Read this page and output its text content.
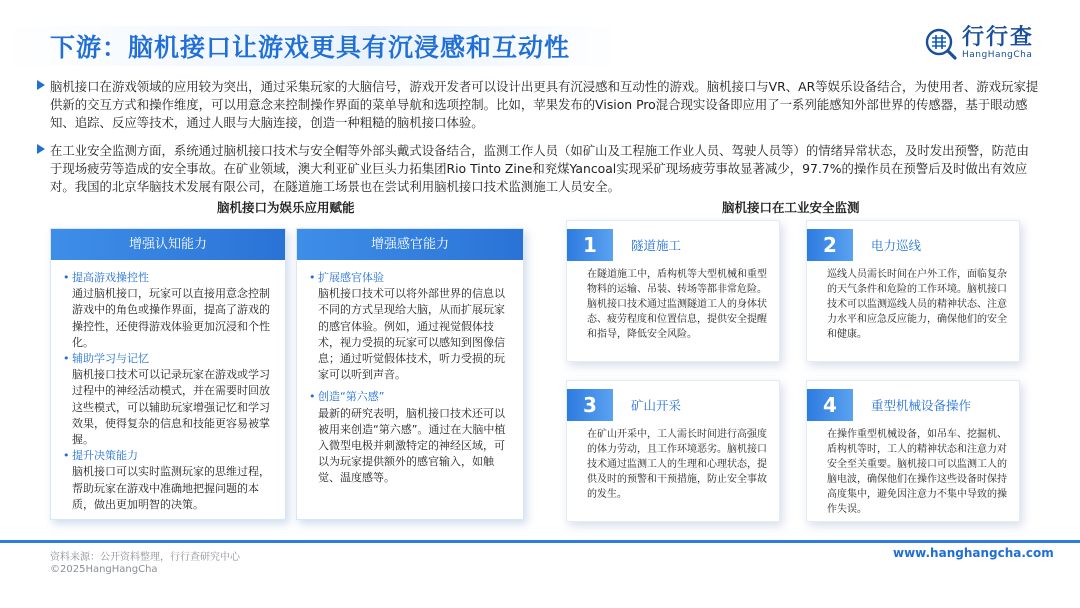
下游：脑机接口让游戏更具有沉浸感和互动性	行行查
HangHangCha
脑机接口在游戏领域的应用较为突出，通过采集玩家的大脑信号，游戏开发者可以设计出更具有沉浸感和互动性的游戏。脑机接口与VR、AR等娱乐设备结合，为使用者、游戏玩家提供新的交互方式和操作维度，可以用意念来控制操作界面的菜单导航和选项控制。比如，苹果发布的Vision Pro混合现实设备即应用了一系列能感知外部世界的传感器，基于眼动感知、追踪、反应等技术，通过人眼与大脑连接，创造一种粗糙的脑机接口体验。
在工业安全监测方面，系统通过脑机接口技术与安全帽等外部头戴式设备结合，监测工作人员（如矿山及工程施工作业人员、驾驶人员等）的情绪异常状态，及时发出预警，防范由于现场疲劳等造成的安全事故。在矿业领域，澳大利亚矿业巨头力拓集团Rio Tinto Zine和兖煤Yancoal实现采矿现场疲劳事故显著减少，97.7%的操作员在预警后及时做出有效应对。我国的北京华脑技术发展有限公司，在隧道施工场景也在尝试利用脑机接口技术监测施工人员安全。
脑机接口为娱乐应用赋能	脑机接口在工业安全监测
增强认知能力
• 提高游戏操控性
通过脑机接口，玩家可以直接用意念控制游戏中的角色或操作界面，提高了游戏的操控性，还使得游戏体验更加沉浸和个性化。
• 辅助学习与记忆
脑机接口技术可以记录玩家在游戏或学习过程中的神经活动模式，并在需要时回放这些模式，可以辅助玩家增强记忆和学习效果，使得复杂的信息和技能更容易被掌握。
• 提升决策能力
脑机接口可以实时监测玩家的思维过程，帮助玩家在游戏中准确地把握问题的本质，做出更加明智的决策。
增强感官能力
• 扩展感官体验
脑机接口技术可以将外部世界的信息以不同的方式呈现给大脑，从而扩展玩家的感官体验。例如，通过视觉假体技术，视力受损的玩家可以感知到图像信息；通过听觉假体技术，听力受损的玩家可以听到声音。
• 创造“第六感”
最新的研究表明，脑机接口技术还可以被用来创造“第六感”。通过在大脑中植入微型电极并刺激特定的神经区域，可以为玩家提供额外的感官输入，如触觉、温度感等。
1	隧道施工
在隧道施工中，盾构机等大型机械和重型物料的运输、吊装、转场等都非常危险。脑机接口技术通过监测隧道工人的身体状态、疲劳程度和位置信息，提供安全提醒和指导，降低安全风险。
2	电力巡线
巡线人员需长时间在户外工作，面临复杂的天气条件和危险的工作环境。脑机接口技术可以监测巡线人员的精神状态、注意力水平和应急反应能力，确保他们的安全和健康。
3	矿山开采
在矿山开采中，工人需长时间进行高强度的体力劳动，且工作环境恶劣。脑机接口技术通过监测工人的生理和心理状态，提供及时的预警和干预措施，防止安全事故的发生。
4	重型机械设备操作
在操作重型机械设备，如吊车、挖掘机、盾构机等时，工人的精神状态和注意力对安全至关重要。脑机接口可以监测工人的脑电波，确保他们在操作这些设备时保持高度集中，避免因注意力不集中导致的操作失误。
资料来源：公开资料整理，行行查研究中心
©2025HangHangCha
www.hanghangcha.com
